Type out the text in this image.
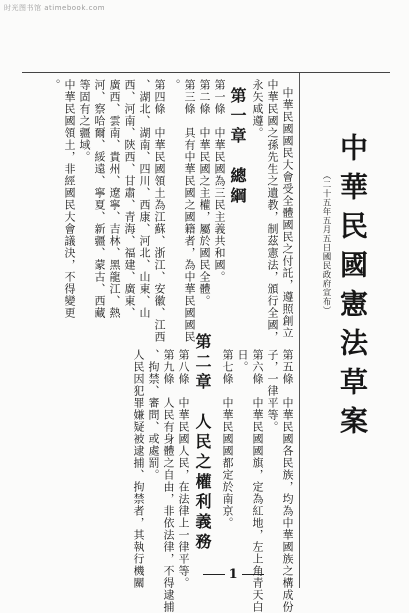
时光图书馆 atimebook.com
中華民國憲法草案
（二十五年五月五日國民政府宣布）
中華民國國民大會受全體國民之付託，遵照創立
中華民國之孫先生之遺教，制茲憲法，頒行全國，
永矢咸遵。
第一章　總綱
第一條　中華民國為三民主義共和國。
第二條　中華民國之主權，屬於國民全體。
第三條　具有中華民國之國籍者，為中華民國國民
。
第四條　中華民國領土為江蘇、浙江、安徽、江西
、湖北、湖南、四川、西康、河北、山東、山
西、河南、陝西、甘肅、青海、福建、廣東、
廣西、雲南、貴州、遼寧、吉林、黑龍江、熱
河、察哈爾、綏遠、寧夏、新疆、蒙古、西藏
等固有之疆域。
中華民國領土，非經國民大會議決，不得變更
。
第五條　中華民國各民族，均為中華國族之構成份
子，一律平等。
第六條　中華民國國旗，定為紅地，左上角青天白
日。
第七條　中華民國國都定於南京。
第二章　人民之權利義務
第八條　中華民國人民，在法律上一律平等。
第九條　人民有身體之自由，非依法律，不得逮捕
、拘禁、審問、或處罰。
人民因犯罪嫌疑被逮捕、拘禁者，其執行機關	1
